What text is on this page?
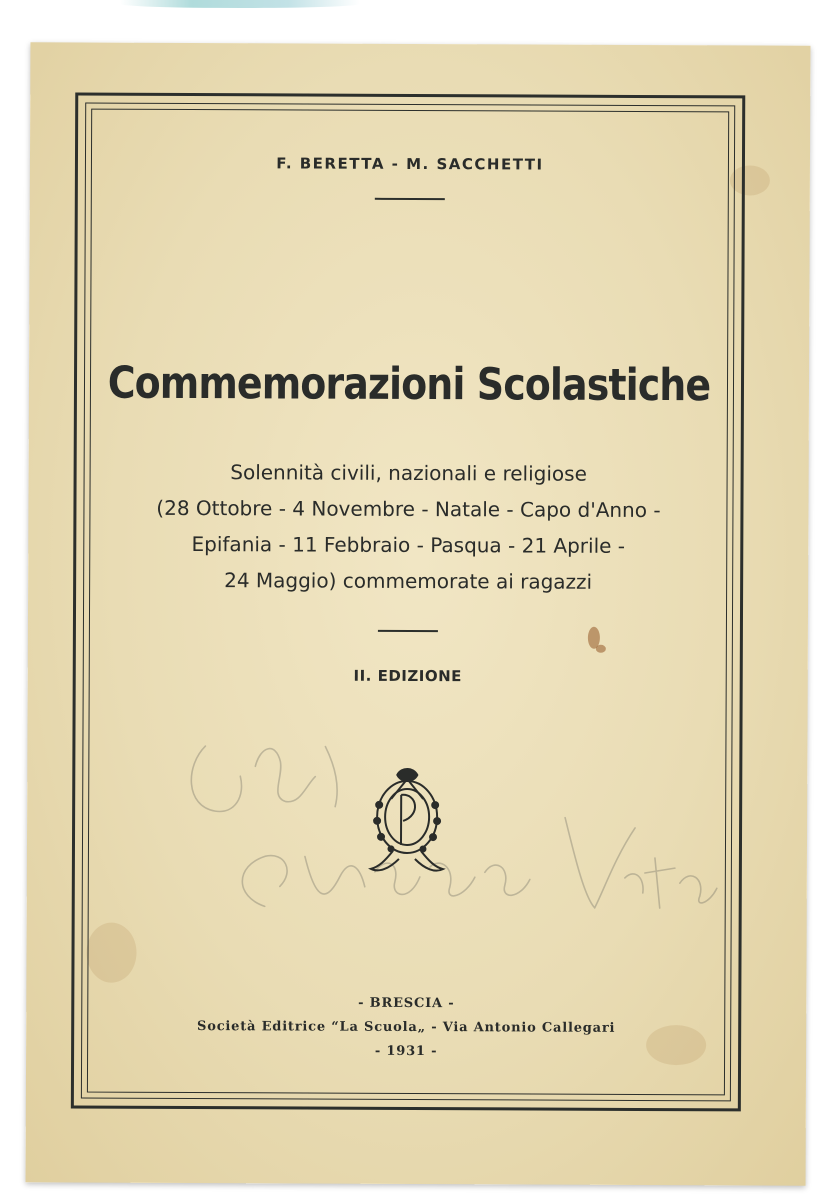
F. BERETTA - M. SACCHETTI
Commemorazioni Scolastiche
Solennità civili, nazionali e religiose
(28 Ottobre - 4 Novembre - Natale - Capo d'Anno -
Epifania - 11 Febbraio - Pasqua - 21 Aprile -
24 Maggio) commemorate ai ragazzi
II. EDIZIONE
- BRESCIA -
Società Editrice “La Scuola„ - Via Antonio Callegari
- 1931 -
